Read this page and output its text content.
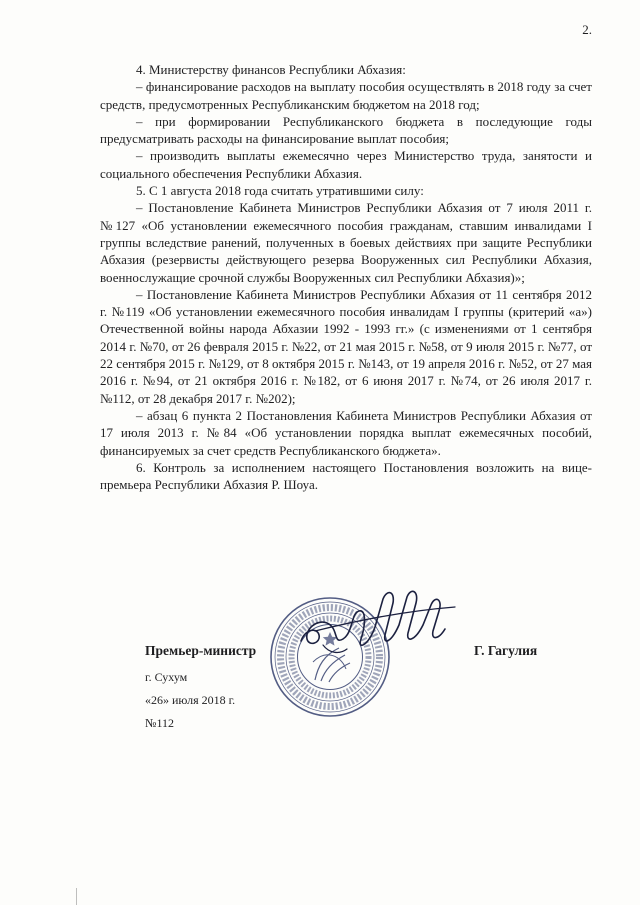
2.

4. Министерству финансов Республики Абхазия:

– финансирование расходов на выплату пособия осуществлять в 2018 году за счет средств, предусмотренных Республиканским бюджетом на 2018 год;

– при формировании Республиканского бюджета в последующие годы предусматривать расходы на финансирование выплат пособия;

– производить выплаты ежемесячно через Министерство труда, занятости и социального обеспечения Республики Абхазия.

5. С 1 августа 2018 года считать утратившими силу:

– Постановление Кабинета Министров Республики Абхазия от 7 июля 2011 г. №127 «Об установлении ежемесячного пособия гражданам, ставшим инвалидами I группы вследствие ранений, полученных в боевых действиях при защите Республики Абхазия (резервисты действующего резерва Вооруженных сил Республики Абхазия, военнослужащие срочной службы Вооруженных сил Республики Абхазия)»;

– Постановление Кабинета Министров Республики Абхазия от 11 сентября 2012 г. №119 «Об установлении ежемесячного пособия инвалидам I группы (критерий «а») Отечественной войны народа Абхазии 1992 - 1993 гг.» (с изменениями от 1 сентября 2014 г. №70, от 26 февраля 2015 г. №22, от 21 мая 2015 г. №58, от 9 июля 2015 г. №77, от 22 сентября 2015 г. №129, от 8 октября 2015 г. №143, от 19 апреля 2016 г. №52, от 27 мая 2016 г. №94, от 21 октября 2016 г. №182, от 6 июня 2017 г. №74, от 26 июля 2017 г. №112, от 28 декабря 2017 г. №202);

– абзац 6 пункта 2 Постановления Кабинета Министров Республики Абхазия от 17 июля 2013 г. №84 «Об установлении порядка выплат ежемесячных пособий, финансируемых за счет средств Республиканского бюджета».

6. Контроль за исполнением настоящего Постановления возложить на вице-премьера Республики Абхазия Р. Шоуа.

Премьер-министр	Г. Гагулия
г. Сухум
«26» июля 2018 г.
№112
